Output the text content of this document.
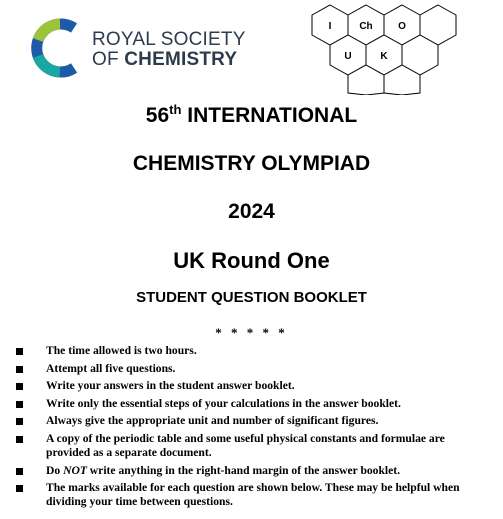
ROYAL SOCIETY
OF CHEMISTRY
I	Ch	O
U	K
56th INTERNATIONAL
CHEMISTRY OLYMPIAD
2024
UK Round One
STUDENT QUESTION BOOKLET
* * * * *
The time allowed is two hours.
Attempt all five questions.
Write your answers in the student answer booklet.
Write only the essential steps of your calculations in the answer booklet.
Always give the appropriate unit and number of significant figures.
A copy of the periodic table and some useful physical constants and formulae are provided as a separate document.
Do NOT write anything in the right-hand margin of the answer booklet.
The marks available for each question are shown below. These may be helpful when dividing your time between questions.
